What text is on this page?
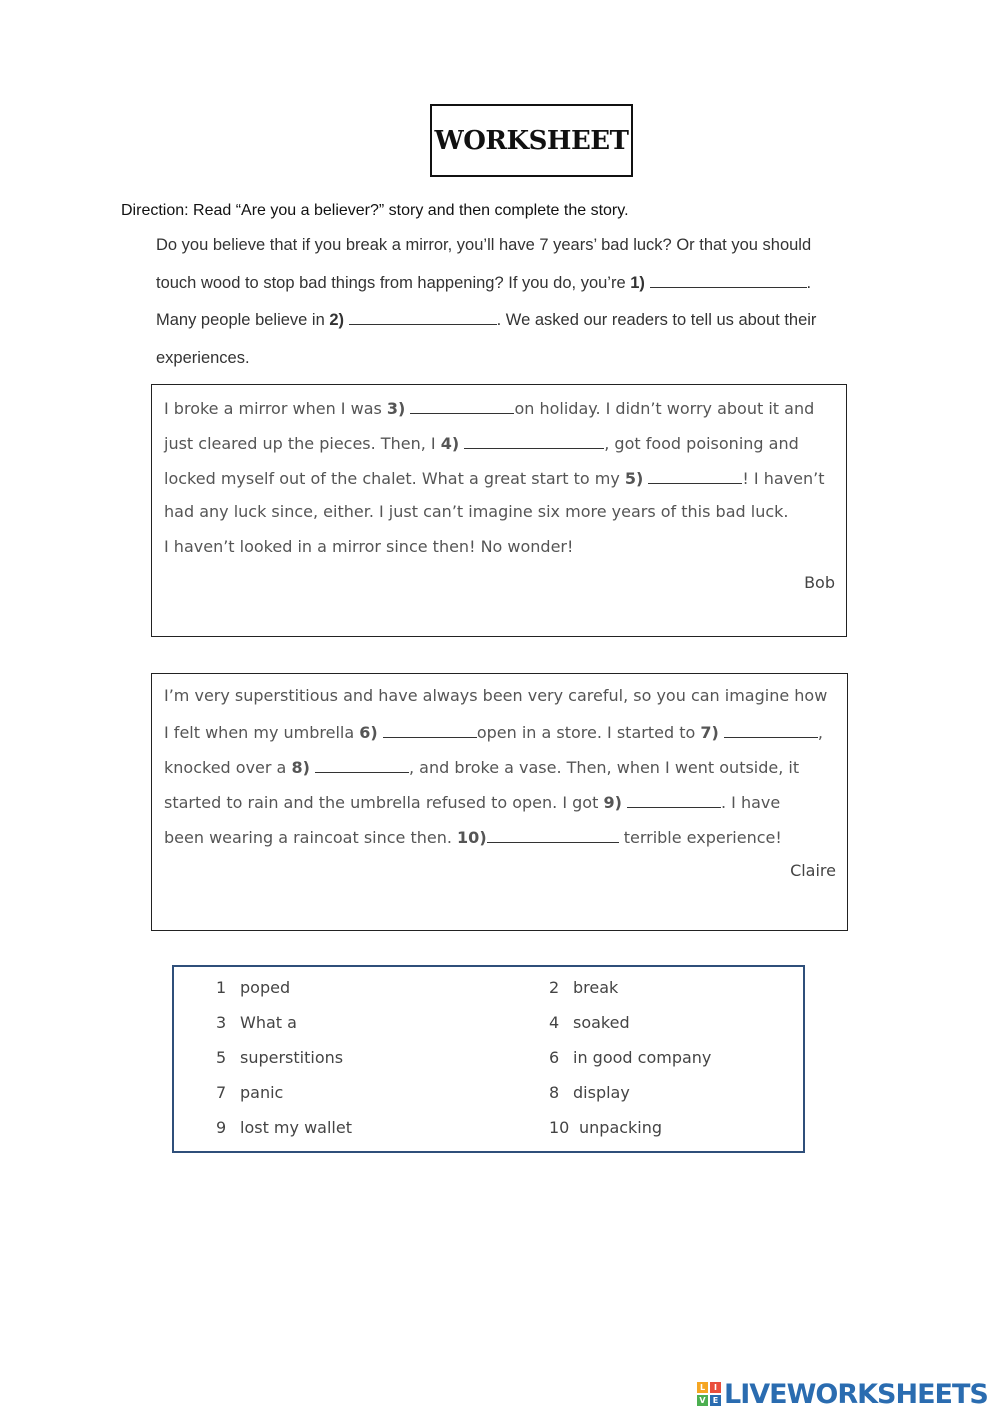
WORKSHEET
Direction: Read “Are you a believer?” story and then complete the story.

Do you believe that if you break a mirror, you’ll have 7 years’ bad luck? Or that you should

touch wood to stop bad things from happening? If you do, you’re 1)	.

Many people believe in 2)	. We asked our readers to tell us about their

experiences.

I broke a mirror when I was 3)	on holiday. I didn’t worry about it and
just cleared up the pieces. Then, I 4)	, got food poisoning and
locked myself out of the chalet. What a great start to my 5)	! I haven’t
had any luck since, either. I just can’t imagine six more years of this bad luck.
I haven’t looked in a mirror since then! No wonder!
Bob
I’m very superstitious and have always been very careful, so you can imagine how
I felt when my umbrella 6)	open in a store. I started to 7)	,
knocked over a 8)	, and broke a vase. Then, when I went outside, it
started to rain and the umbrella refused to open. I got 9)	. I have
been wearing a raincoat since then. 10)	terrible experience!
Claire
1 poped	2 break
3 What a	4 soaked
5 superstitions	6 in good company
7 panic	8 display
9 lost my wallet	10 unpacking
L	I
V E LIVEWORKSHEETS
